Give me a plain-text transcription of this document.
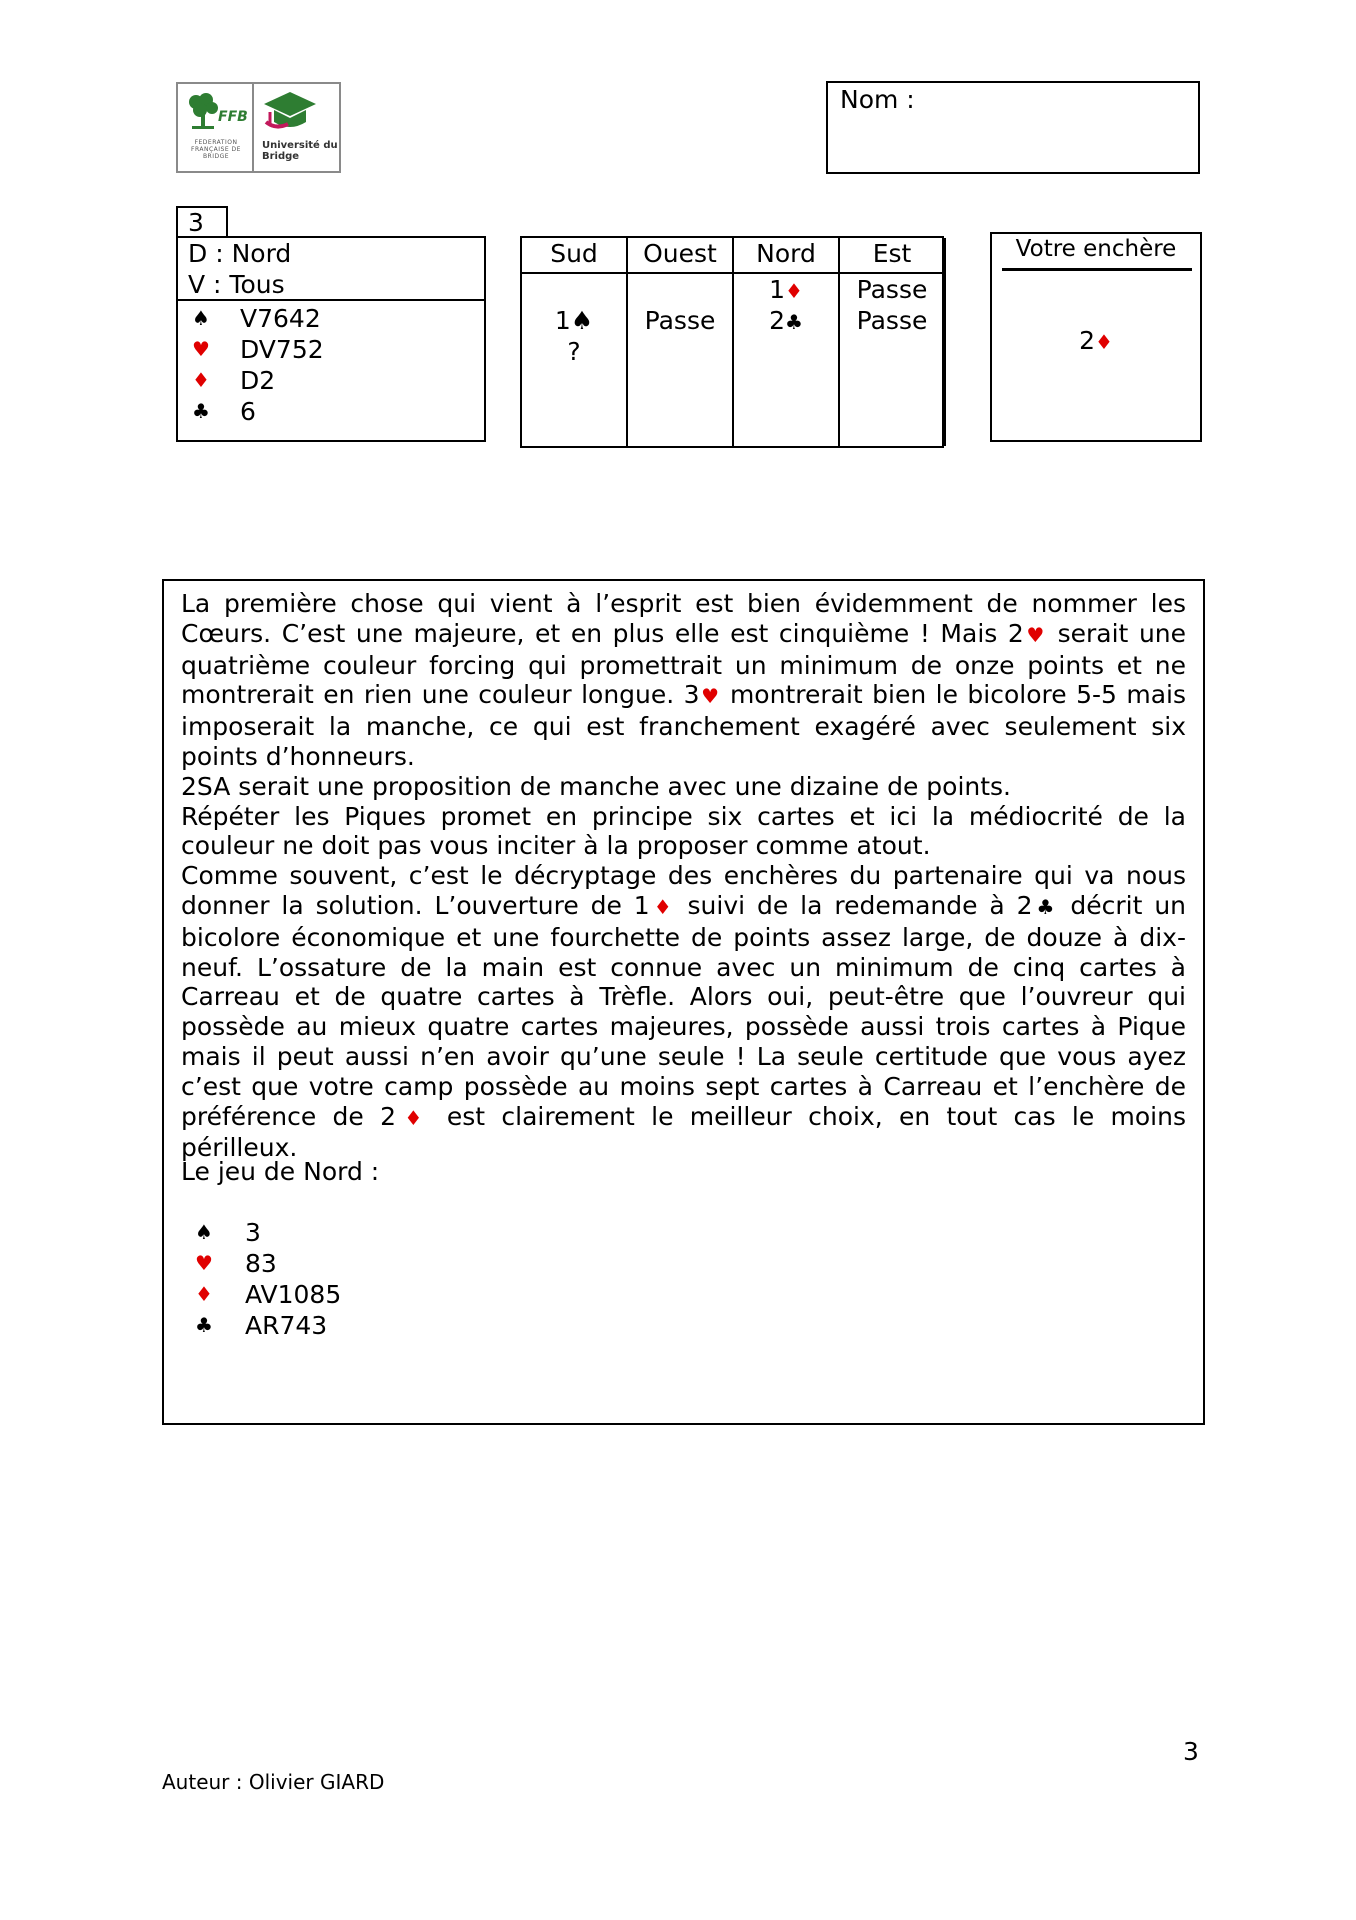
FFB
FEDERATION FRANÇAISE DE BRIDGE
Université du Bridge
Nom :
3
D : Nord
V : Tous
♠ V7642
♥ DV752
♦ D2
♣ 6
Sud
1♠
?
Ouest
Passe
Nord
1♦
2♣
Est
Passe
Passe
Votre enchère
2♦

La première chose qui vient à l’esprit est bien évidemment de nommer les Cœurs. C’est une majeure, et en plus elle est cinquième ! Mais 2♥ serait une quatrième couleur forcing qui promettrait un minimum de onze points et ne montrerait en rien une couleur longue. 3♥ montrerait bien le bicolore 5-5 mais imposerait la manche, ce qui est franchement exagéré avec seulement six points d’honneurs.

2SA serait une proposition de manche avec une dizaine de points.

Répéter les Piques promet en principe six cartes et ici la médiocrité de la couleur ne doit pas vous inciter à la proposer comme atout.

Comme souvent, c’est le décryptage des enchères du partenaire qui va nous donner la solution. L’ouverture de 1♦ suivi de la redemande à 2♣ décrit un bicolore économique et une fourchette de points assez large, de douze à dix-neuf. L’ossature de la main est connue avec un minimum de cinq cartes à Carreau et de quatre cartes à Trèfle. Alors oui, peut-être que l’ouvreur qui possède au mieux quatre cartes majeures, possède aussi trois cartes à Pique mais il peut aussi n’en avoir qu’une seule ! La seule certitude que vous ayez c’est que votre camp possède au moins sept cartes à Carreau et l’enchère de préférence de 2♦ est clairement le meilleur choix, en tout cas le moins périlleux.

Le jeu de Nord :
♠ 3
♥ 83
♦ AV1085
♣ AR743
3
Auteur : Olivier GIARD
